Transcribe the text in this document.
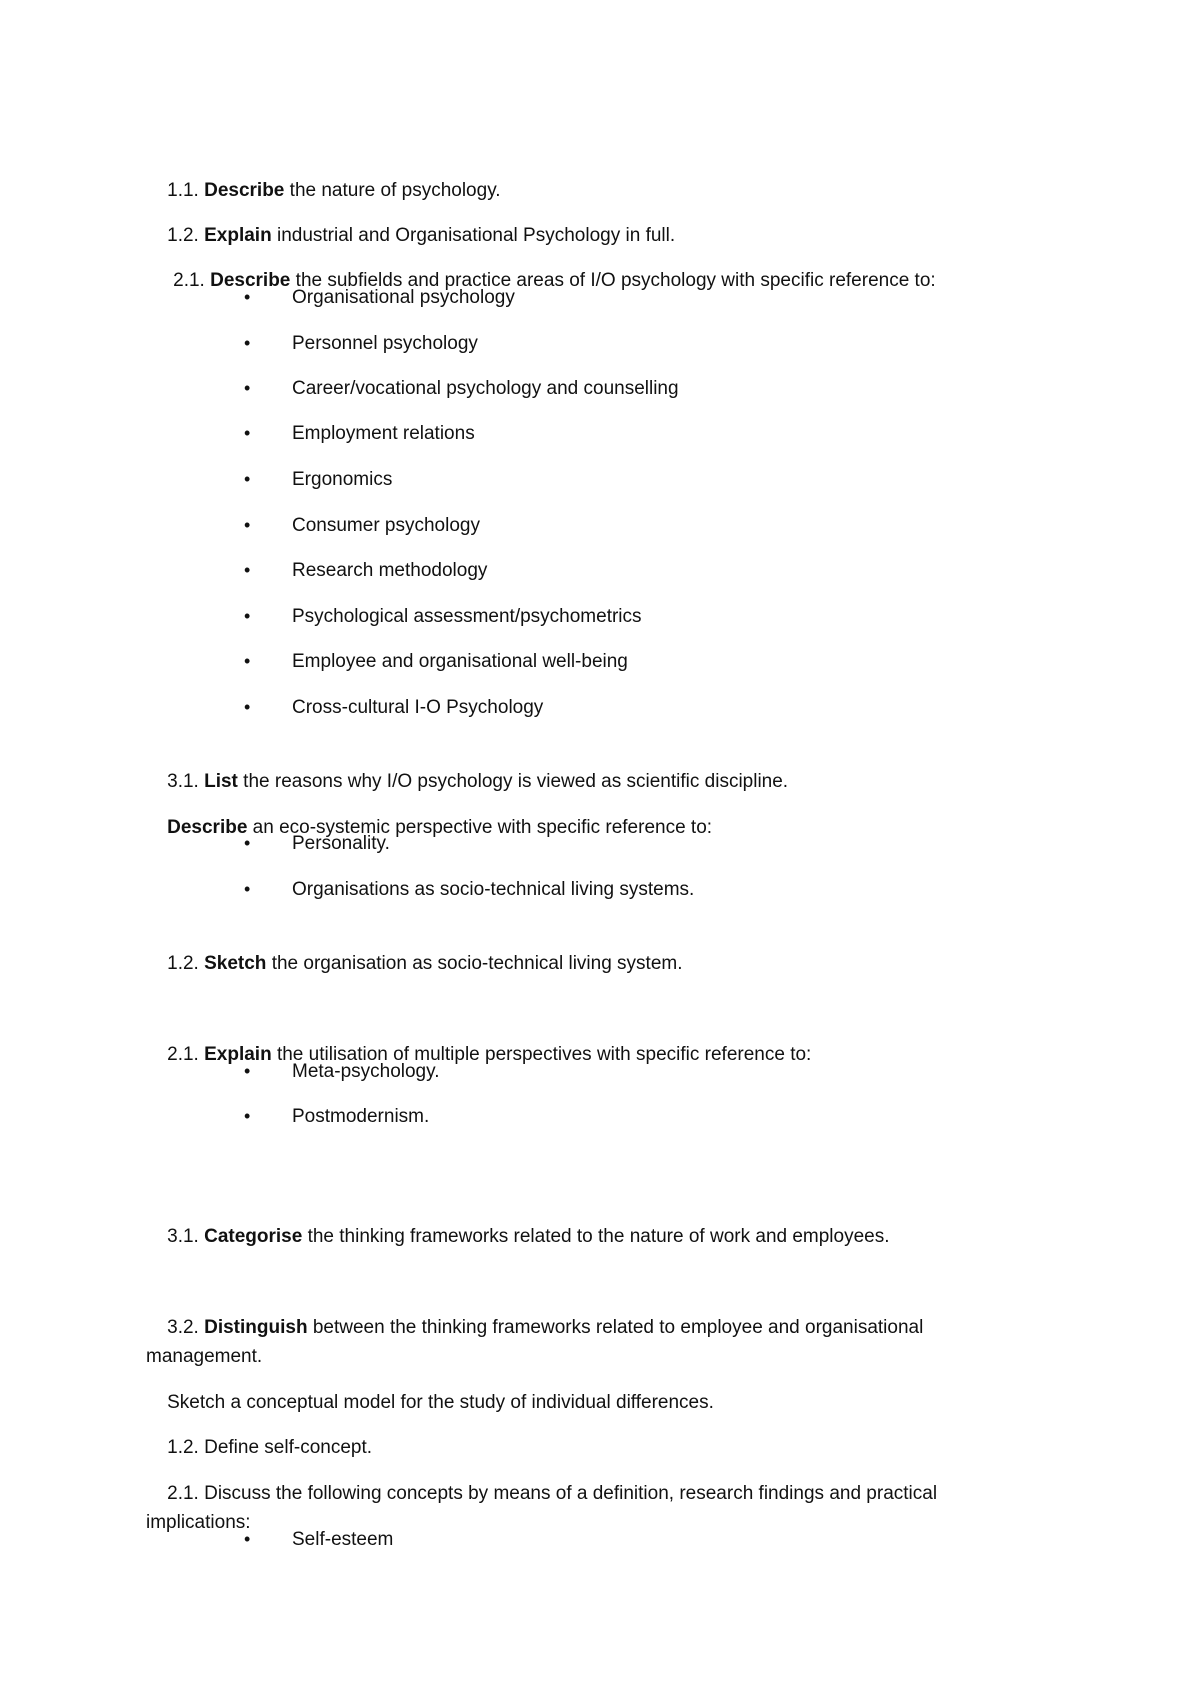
1.1. Describe the nature of psychology.

1.2. Explain industrial and Organisational Psychology in full.

2.1. Describe the subfields and practice areas of I/O psychology with specific reference to:

• Organisational psychology
• Personnel psychology
• Career/vocational psychology and counselling
• Employment relations
• Ergonomics
• Consumer psychology
• Research methodology
• Psychological assessment/psychometrics
• Employee and organisational well-being
• Cross-cultural I-O Psychology

3.1. List the reasons why I/O psychology is viewed as scientific discipline.

Describe an eco-systemic perspective with specific reference to:

• Personality.
• Organisations as socio-technical living systems.

1.2. Sketch the organisation as socio-technical living system.

2.1. Explain the utilisation of multiple perspectives with specific reference to:

• Meta-psychology.
• Postmodernism.

3.1. Categorise the thinking frameworks related to the nature of work and employees.

3.2. Distinguish between the thinking frameworks related to employee and organisational management.

Sketch a conceptual model for the study of individual differences.

1.2. Define self-concept.

2.1. Discuss the following concepts by means of a definition, research findings and practical implications:

• Self-esteem
